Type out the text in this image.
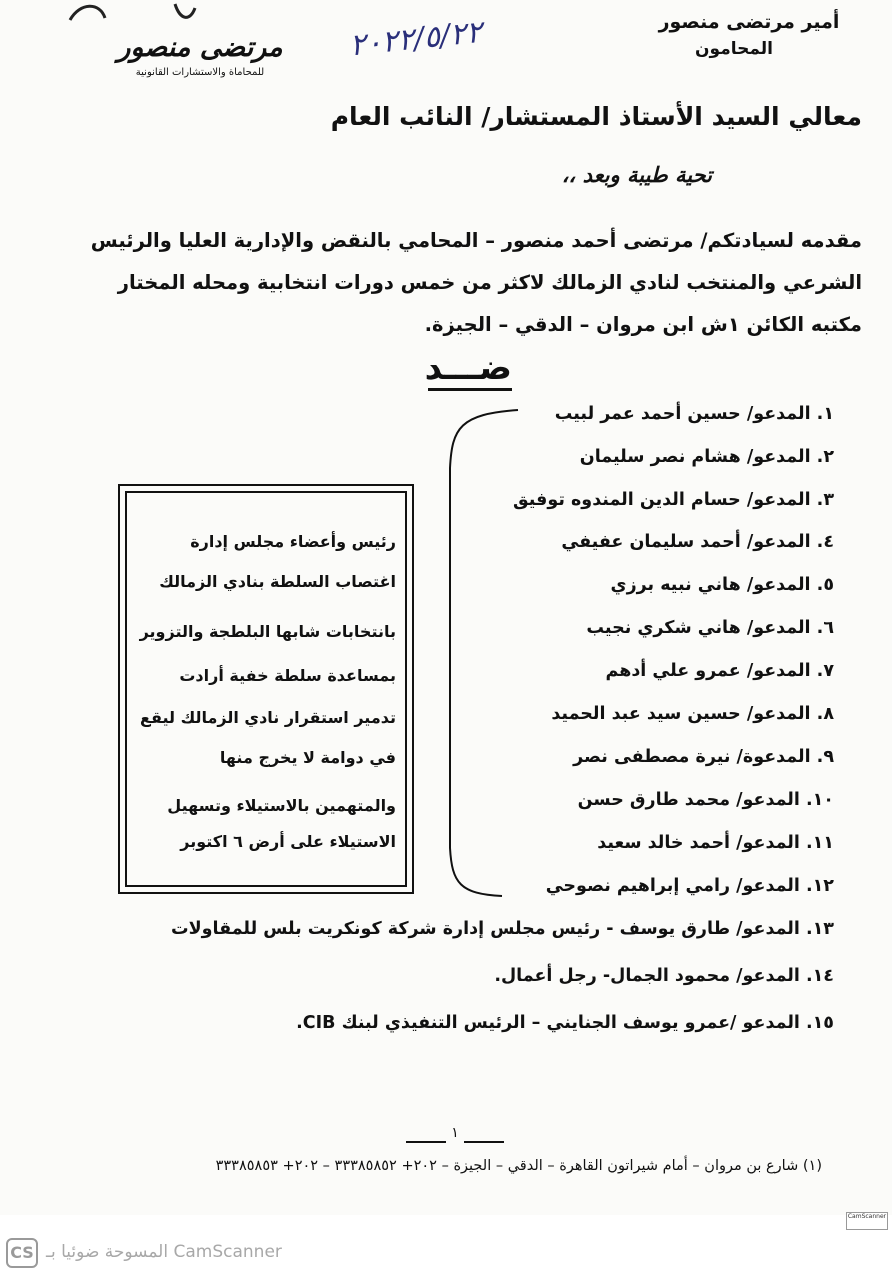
أمير مرتضى منصور
المحامون
٢٠٢٢/٥/٢٢
مرتضى منصور
للمحاماة والاستشارات القانونية
معالي السيد الأستاذ المستشار/ النائب العام
تحية طيبة وبعد ،،
مقدمه لسيادتكم/ مرتضى أحمد منصور – المحامي بالنقض والإدارية العليا والرئيس
الشرعي والمنتخب لنادي الزمالك لاكثر من خمس دورات انتخابية ومحله المختار
مكتبه الكائن ١ش ابن مروان – الدقي – الجيزة.
ضـــد
١. المدعو/ حسين أحمد عمر لبيب
٢. المدعو/ هشام نصر سليمان
٣. المدعو/ حسام الدين المندوه توفيق
٤. المدعو/ أحمد سليمان عفيفي
٥. المدعو/ هاني نبيه برزي
٦. المدعو/ هاني شكري نجيب
٧. المدعو/ عمرو علي أدهم
٨. المدعو/ حسين سيد عبد الحميد
٩. المدعوة/ نيرة مصطفى نصر
١٠. المدعو/ محمد طارق حسن
١١. المدعو/ أحمد خالد سعيد
١٢. المدعو/ رامي إبراهيم نصوحي
١٣. المدعو/ طارق يوسف - رئيس مجلس إدارة شركة كونكريت بلس للمقاولات
١٤. المدعو/ محمود الجمال- رجل أعمال.
١٥. المدعو /عمرو يوسف الجنايني – الرئيس التنفيذي لبنك CIB.
رئيس وأعضاء مجلس إدارة
اغتصاب السلطة بنادي الزمالك
بانتخابات شابها البلطجة والتزوير
بمساعدة سلطة خفية أرادت
تدمير استقرار نادي الزمالك ليقع
في دوامة لا يخرج منها
والمتهمين بالاستيلاء وتسهيل
الاستيلاء على أرض ٦ اكتوبر
١
(١) شارع بن مروان – أمام شيراتون القاهرة – الدقي – الجيزة – ٢٠٢+ ٣٣٣٨٥٨٥٢ – ٢٠٢+ ٣٣٣٨٥٨٥٣
CamScanner
CS المسوحة ضوئيا بـ CamScanner
